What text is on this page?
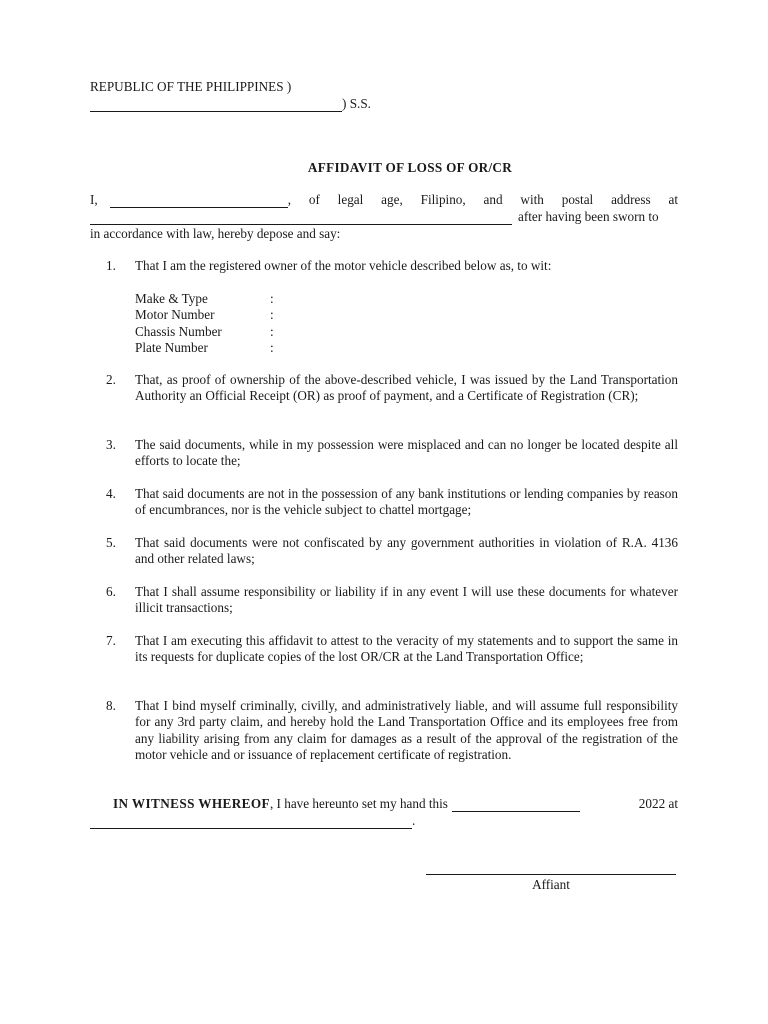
REPUBLIC OF THE PHILIPPINES )
) S.S.
AFFIDAVIT OF LOSS OF OR/CR
I,	, of legal age, Filipino, and with postal address at
after having been sworn to
in accordance with law, hereby depose and say:
1.	That I am the registered owner of the motor vehicle described below as, to wit:
Make & Type	:
Motor Number	:
Chassis Number	:
Plate Number	:
2.	That, as proof of ownership of the above-described vehicle, I was issued by the Land Transportation Authority an Official Receipt (OR) as proof of payment, and a Certificate of Registration (CR);
3.	The said documents, while in my possession were misplaced and can no longer be located despite all efforts to locate the;
4.	That said documents are not in the possession of any bank institutions or lending companies by reason of encumbrances, nor is the vehicle subject to chattel mortgage;
5.	That said documents were not confiscated by any government authorities in violation of R.A. 4136 and other related laws;
6.	That I shall assume responsibility or liability if in any event I will use these documents for whatever illicit transactions;
7.	That I am executing this affidavit to attest to the veracity of my statements and to support the same in its requests for duplicate copies of the lost OR/CR at the Land Transportation Office;
8.	That I bind myself criminally, civilly, and administratively liable, and will assume full responsibility for any 3rd party claim, and hereby hold the Land Transportation Office and its employees free from any liability arising from any claim for damages as a result of the approval of the registration of the motor vehicle and or issuance of replacement certificate of registration.
IN WITNESS WHEREOF , I have hereunto set my hand this	2022 at
.
Affiant
